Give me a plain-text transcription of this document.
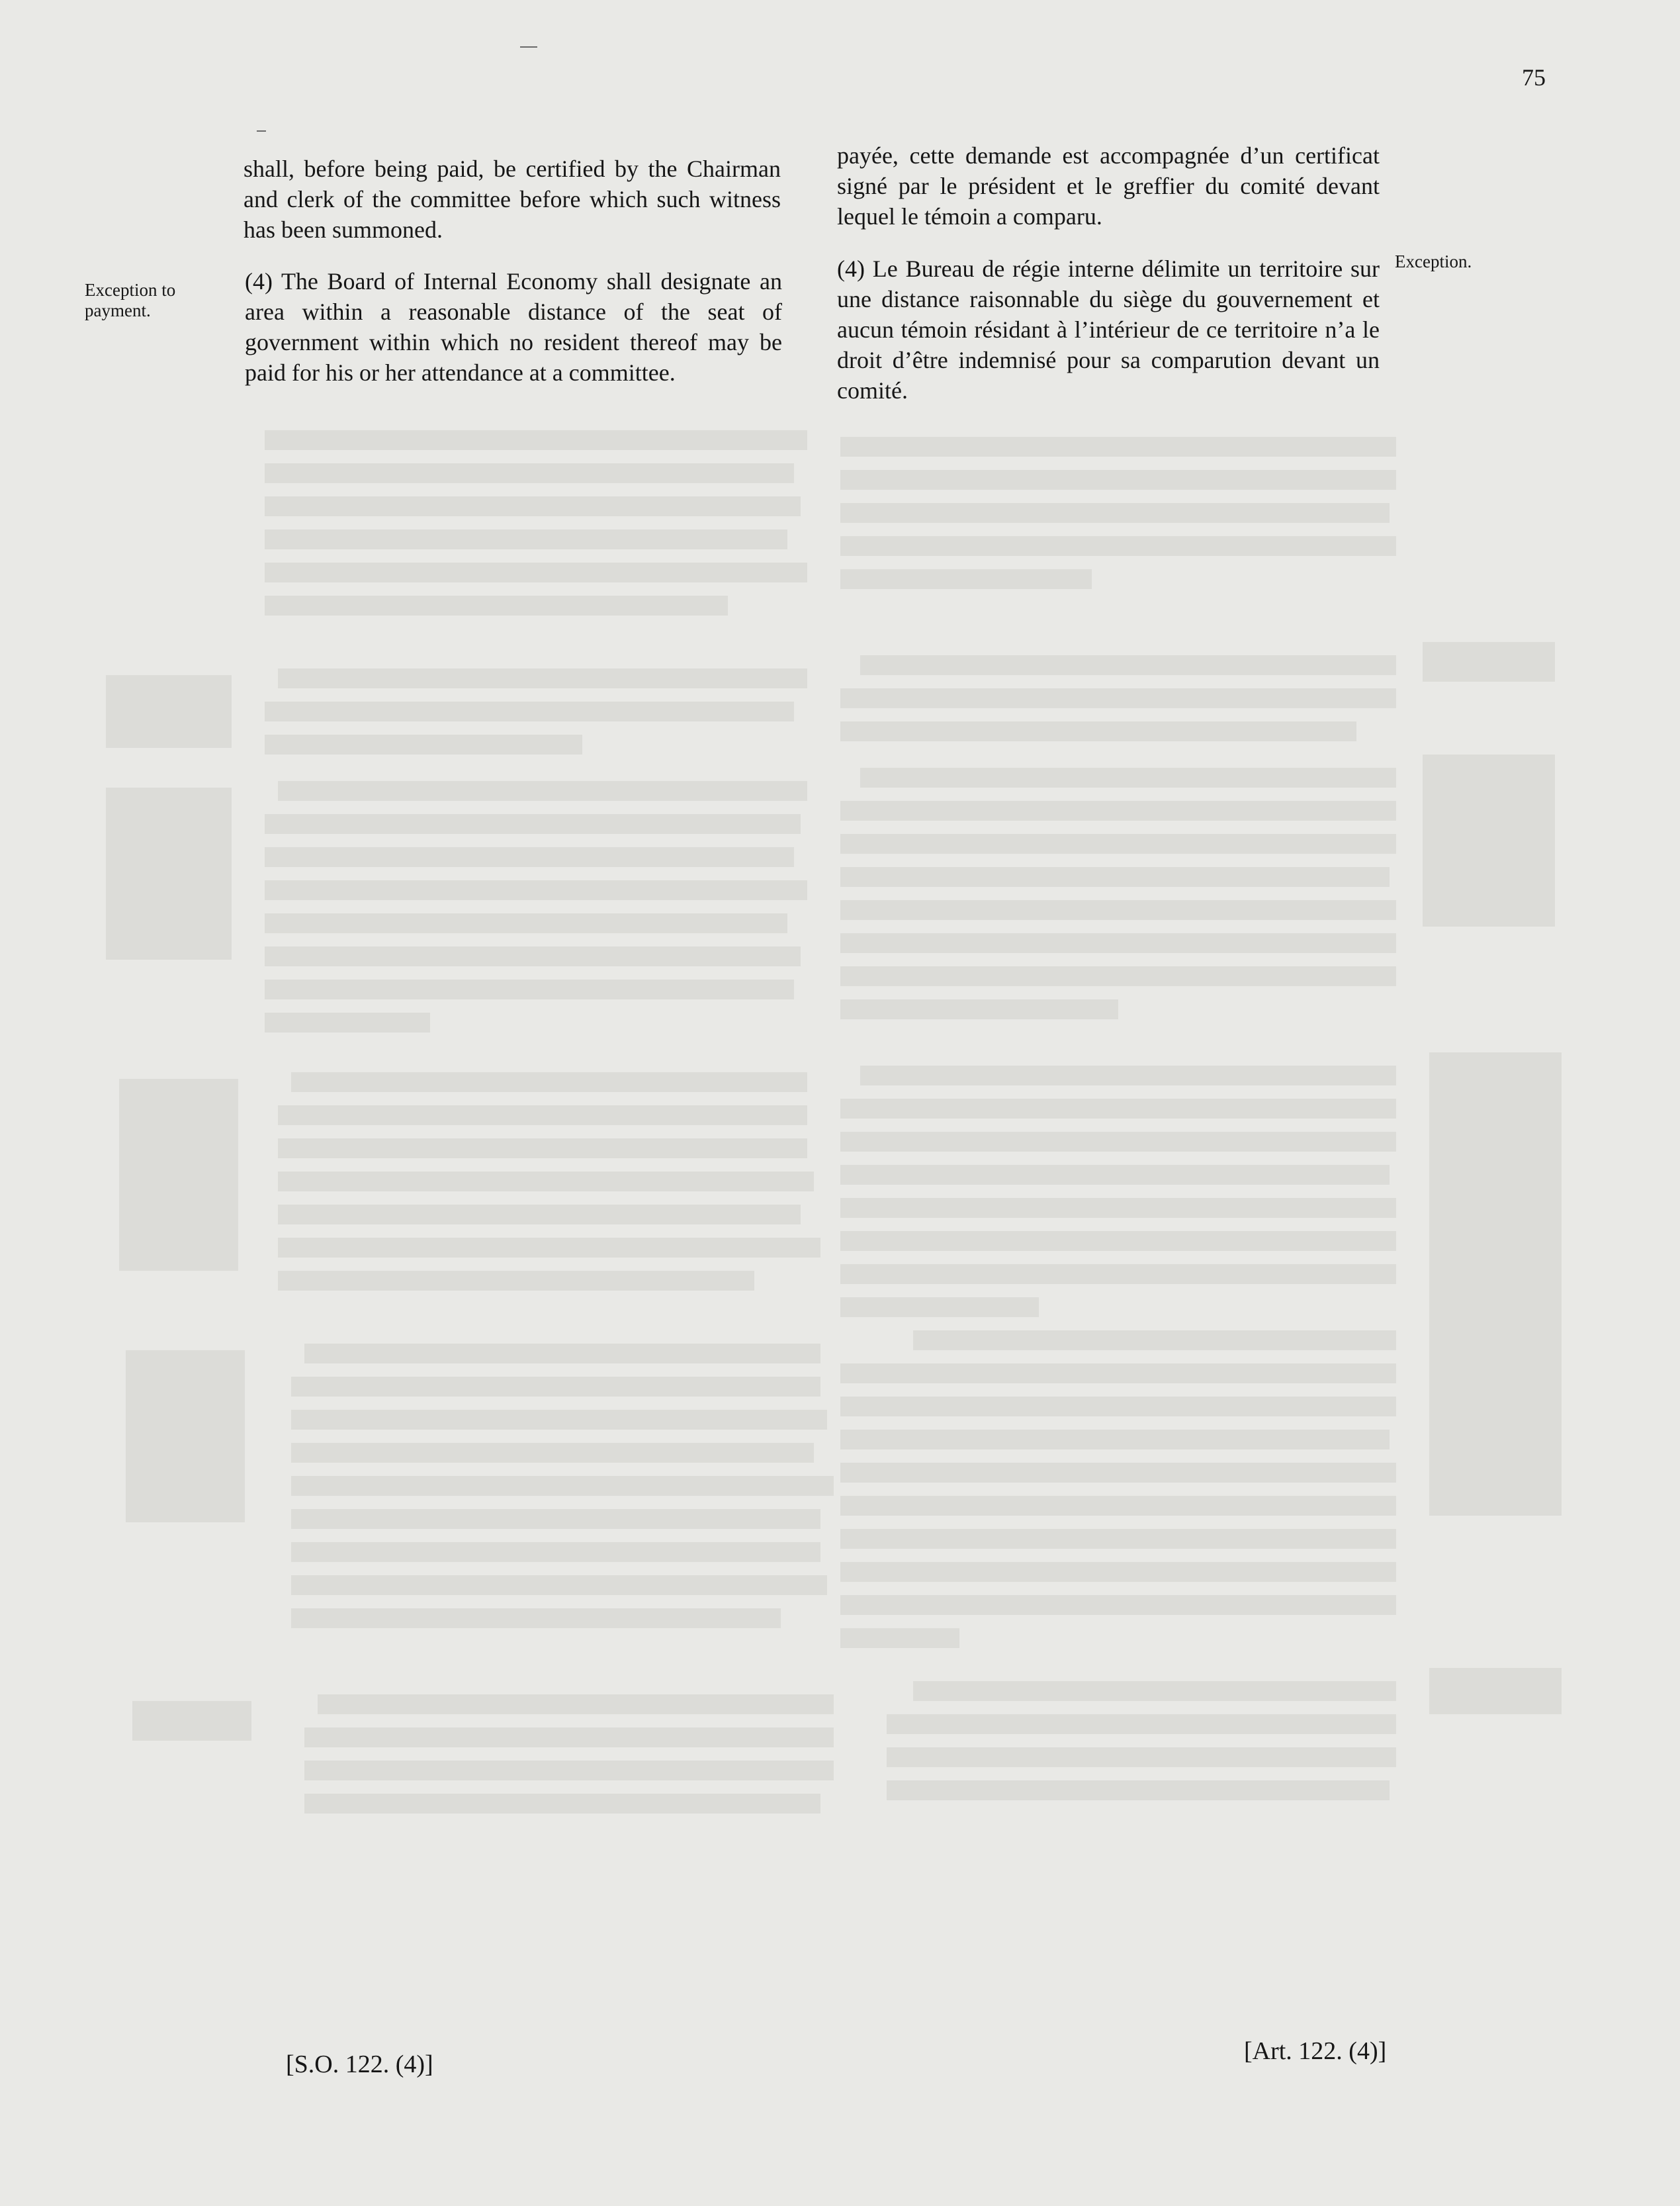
75

shall, before being paid, be certified by the Chairman and clerk of the committee before which such witness has been summoned.

Exception to payment.

(4) The Board of Internal Economy shall designate an area within a reasonable distance of the seat of government within which no resident thereof may be paid for his or her attendance at a committee.

payée, cette demande est accompagnée d’un certificat signé par le président et le greffier du comité devant lequel le témoin a comparu.

Exception.

(4) Le Bureau de régie interne délimite un territoire sur une distance raisonnable du siège du gouvernement et aucun témoin résidant à l’intérieur de ce territoire n’a le droit d’être indemnisé pour sa comparution devant un comité.

[S.O. 122. (4)]	[Art. 122. (4)]
